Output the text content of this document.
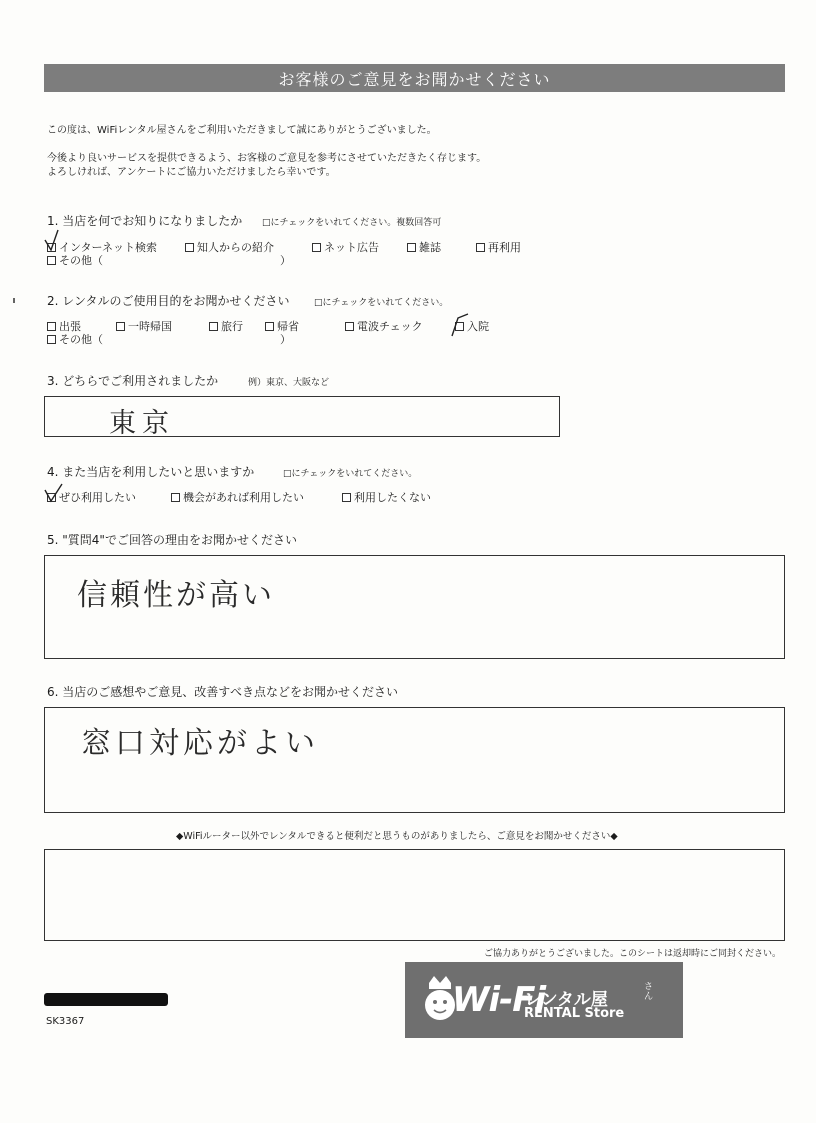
お客様のご意見をお聞かせください
この度は、WiFiレンタル屋さんをご利用いただきまして誠にありがとうございました。
今後より良いサービスを提供できるよう、お客様のご意見を参考にさせていただきたく存じます。
よろしければ、アンケートにご協力いただけましたら幸いです。
1. 当店を何でお知りになりましたか □にチェックをいれてください。複数回答可
インターネット検索	知人からの紹介	ネット広告	雑誌	再利用
その他（	）
2. レンタルのご使用目的をお聞かせください	□にチェックをいれてください。
出張	一時帰国	旅行	帰省	電波チェック	入院
その他（	）
3. どちらでご利用されましたか	例）東京、大阪など
東京
4. また当店を利用したいと思いますか	□にチェックをいれてください。
ぜひ利用したい	機会があれば利用したい	利用したくない
5. "質問4"でご回答の理由をお聞かせください
信頼性が高い
6. 当店のご感想やご意見、改善すべき点などをお聞かせください
窓口対応がよい
◆WiFiルーター以外でレンタルできると便利だと思うものがありましたら、ご意見をお聞かせください◆
ご協力ありがとうございました。このシートは返却時にご同封ください。
SK3367
Wi-Fi
レンタル屋
さん
RENTAL Store
